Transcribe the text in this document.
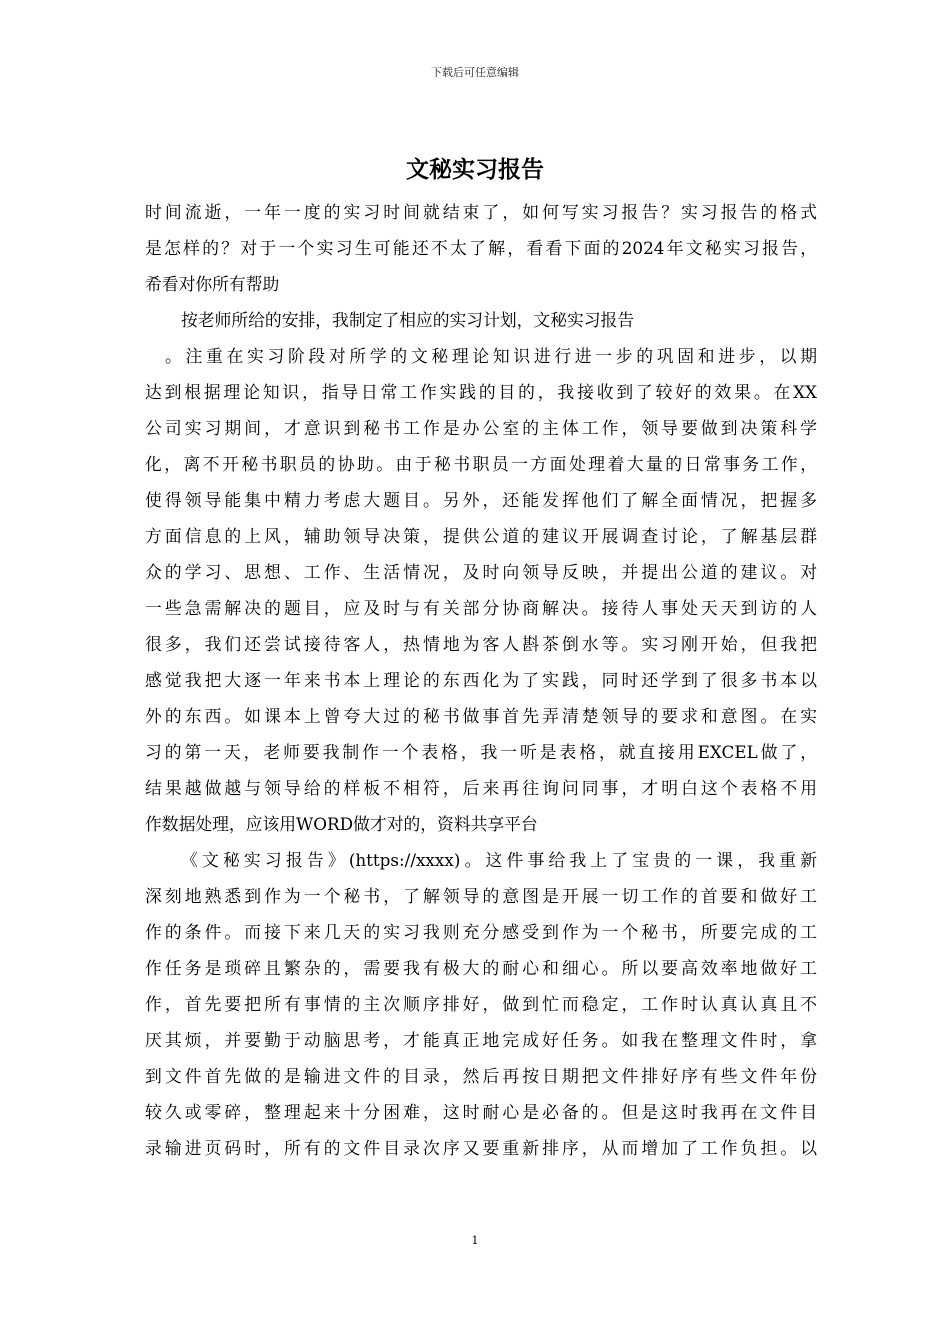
下载后可任意编辑
文秘实习报告
时间流逝，一年一度的实习时间就结束了，如何写实习报告？实习报告的格式
是怎样的？对于一个实习生可能还不太了解，看看下面的2024年文秘实习报告，
希看对你所有帮助
按老师所给的安排，我制定了相应的实习计划，文秘实习报告
。注重在实习阶段对所学的文秘理论知识进行进一步的巩固和进步，以期
达到根据理论知识，指导日常工作实践的目的，我接收到了较好的效果。在XX
公司实习期间，才意识到秘书工作是办公室的主体工作，领导要做到决策科学
化，离不开秘书职员的协助。由于秘书职员一方面处理着大量的日常事务工作，
使得领导能集中精力考虑大题目。另外，还能发挥他们了解全面情况，把握多
方面信息的上风，辅助领导决策，提供公道的建议开展调查讨论，了解基层群
众的学习、思想、工作、生活情况，及时向领导反映，并提出公道的建议。对
一些急需解决的题目，应及时与有关部分协商解决。接待人事处天天到访的人
很多，我们还尝试接待客人，热情地为客人斟茶倒水等。实习刚开始，但我把
感觉我把大逐一年来书本上理论的东西化为了实践，同时还学到了很多书本以
外的东西。如课本上曾夸大过的秘书做事首先弄清楚领导的要求和意图。在实
习的第一天，老师要我制作一个表格，我一听是表格，就直接用EXCEL做了，
结果越做越与领导给的样板不相符，后来再往询问同事，才明白这个表格不用
作数据处理，应该用WORD做才对的，资料共享平台
《文秘实习报告》(https://xxxx)。这件事给我上了宝贵的一课，我重新
深刻地熟悉到作为一个秘书，了解领导的意图是开展一切工作的首要和做好工
作的条件。而接下来几天的实习我则充分感受到作为一个秘书，所要完成的工
作任务是琐碎且繁杂的，需要我有极大的耐心和细心。所以要高效率地做好工
作，首先要把所有事情的主次顺序排好，做到忙而稳定，工作时认真认真且不
厌其烦，并要勤于动脑思考，才能真正地完成好任务。如我在整理文件时，拿
到文件首先做的是输进文件的目录，然后再按日期把文件排好序有些文件年份
较久或零碎，整理起来十分困难，这时耐心是必备的。但是这时我再在文件目
录输进页码时，所有的文件目录次序又要重新排序，从而增加了工作负担。以
1
